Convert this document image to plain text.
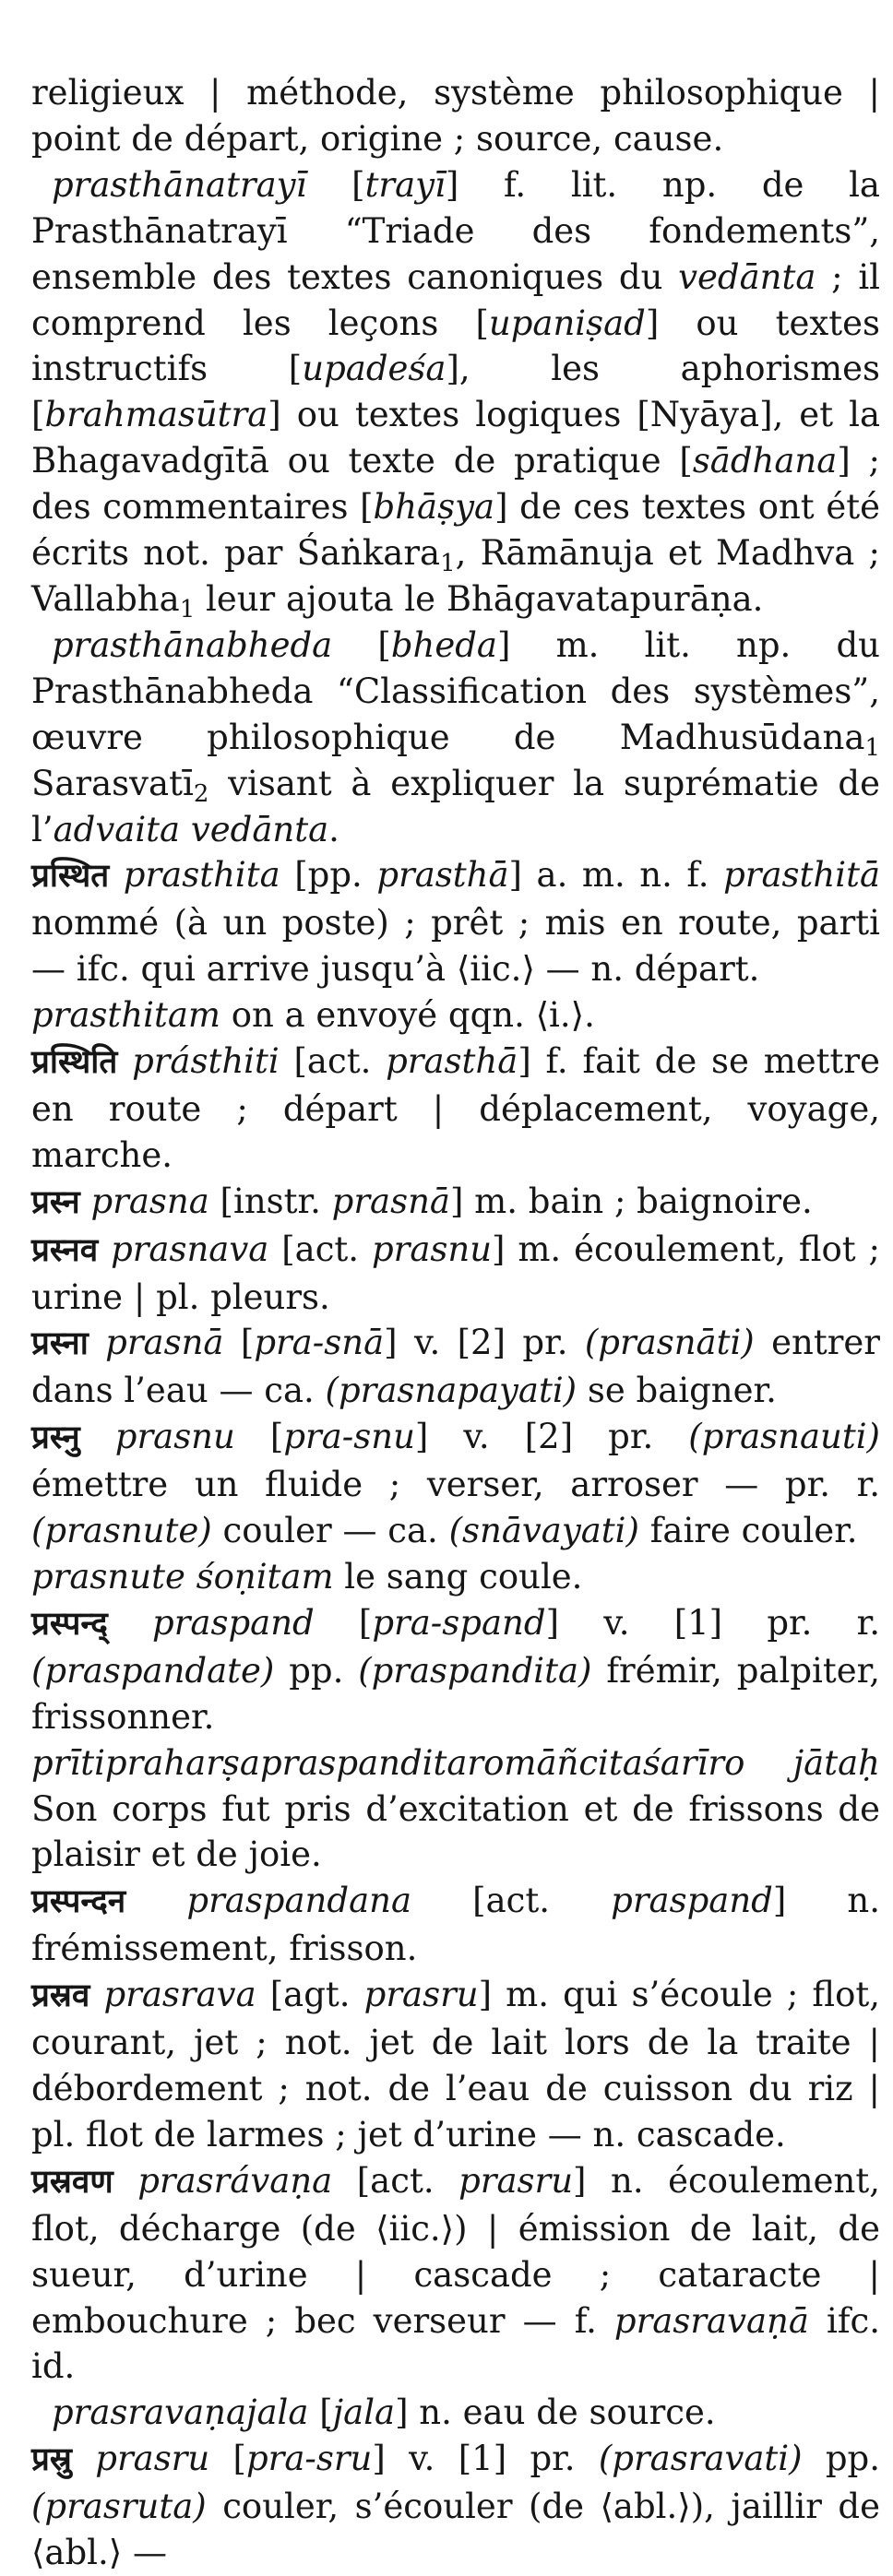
religieux | méthode, système philosophique | point de départ, origine ; source, cause.
prasthānatrayī [trayī] f. lit. np. de la Prasthānatrayī “Triade des fondements”, ensemble des textes canoniques du vedānta ; il comprend les leçons [upaniṣad] ou textes instructifs [upadeśa], les aphorismes [brahmasūtra] ou textes logiques [Nyāya], et la Bhagavadgītā ou texte de pratique [sādhana] ; des commentaires [bhāṣya] de ces textes ont été écrits not. par Śaṅkara$_1$, Rāmānuja et Madhva ; Vallabha$_1$ leur ajouta le Bhāgavatapurāṇa.
prasthānabheda [bheda] m. lit. np. du Prasthānabheda “Classification des systèmes”, œuvre philosophique de Madhusūdana$_1$ Sarasvatī$_2$ visant à expliquer la suprématie de l’advaita vedānta.
प्रस्थित prasthita [pp. prasthā] a. m. n. f. prasthitā nommé (à un poste) ; prêt ; mis en route, parti — ifc. qui arrive jusqu’à ⟨iic.⟩ — n. départ.
prasthitam on a envoyé qqn. ⟨i.⟩.
प्रस्थिति prásthiti [act. prasthā] f. fait de se mettre en route ; départ | déplacement, voyage, marche.
प्रस्न prasna [instr. prasnā] m. bain ; baignoire.
प्रस्नव prasnava [act. prasnu] m. écoulement, flot ; urine | pl. pleurs.
प्रस्ना prasnā [pra-snā] v. [2] pr. (prasnāti) entrer dans l’eau — ca. (prasnapayati) se baigner.
प्रस्नु prasnu [pra-snu] v. [2] pr. (prasnauti) émettre un fluide ; verser, arroser — pr. r. (prasnute) couler — ca. (snāvayati) faire couler.
prasnute śoṇitam le sang coule.
प्रस्पन्द् praspand [pra-spand] v. [1] pr. r. (praspandate) pp. (praspandita) frémir, palpiter, frissonner.
prītipraharṣapraspanditaromāñcitaśarīro jātaḥ Son corps fut pris d’excitation et de frissons de plaisir et de joie.
प्रस्पन्दन praspandana [act. praspand] n. frémissement, frisson.
प्रस्रव prasrava [agt. prasru] m. qui s’écoule ; flot, courant, jet ; not. jet de lait lors de la traite | débordement ; not. de l’eau de cuisson du riz | pl. flot de larmes ; jet d’urine — n. cascade.
प्रस्रवण prasrávaṇa [act. prasru] n. écoulement, flot, décharge (de ⟨iic.⟩) | émission de lait, de sueur, d’urine | cascade ; cataracte | embouchure ; bec verseur — f. prasravaṇā ifc. id.
prasravaṇajala [jala] n. eau de source.
प्रस्रु prasru [pra-sru] v. [1] pr. (prasravati) pp. (prasruta) couler, s’écouler (de ⟨abl.⟩), jaillir de ⟨abl.⟩ —
